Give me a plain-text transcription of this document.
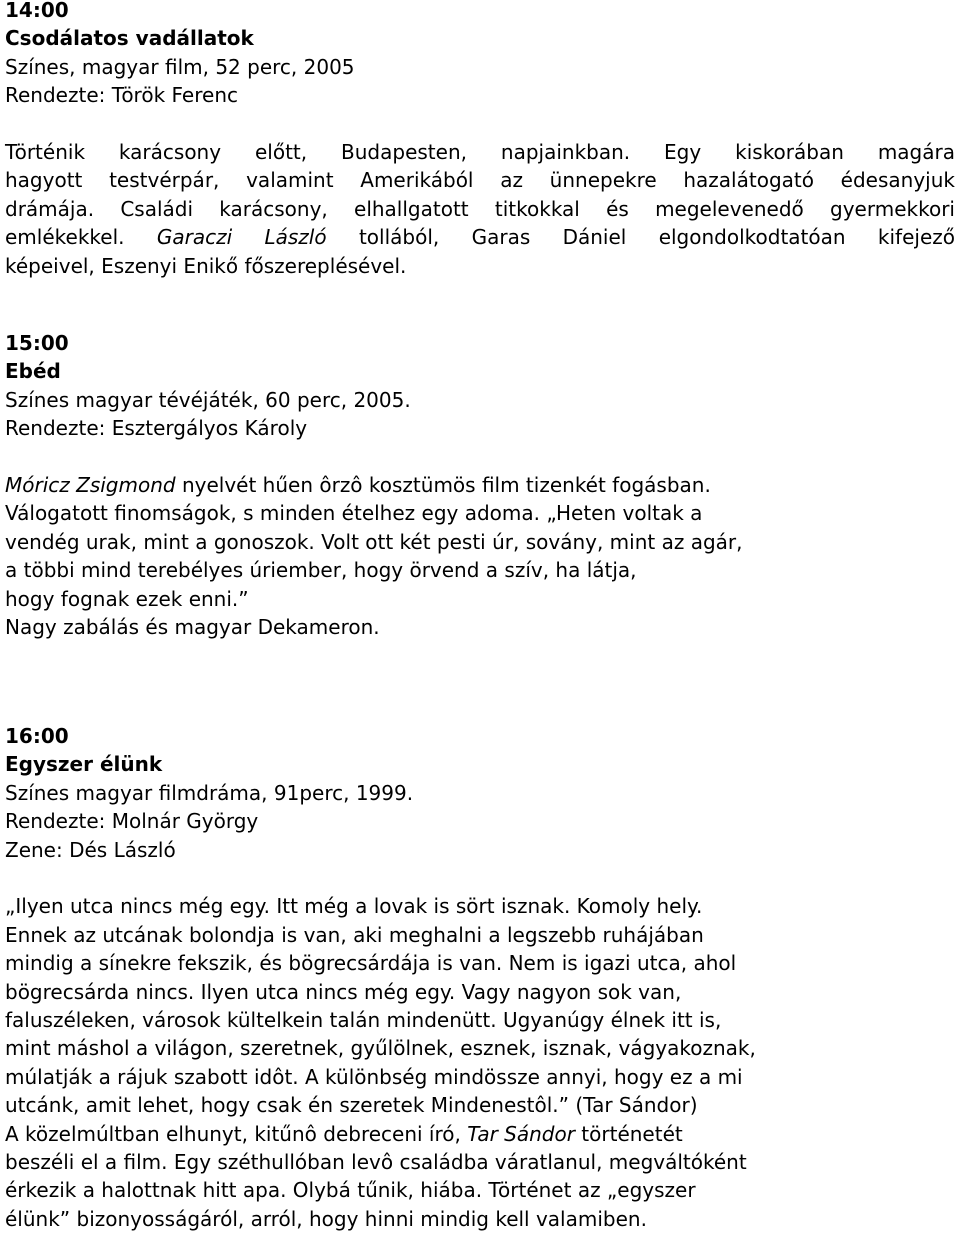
14:00

Csodálatos vadállatok

Színes, magyar film, 52 perc, 2005

Rendezte: Török Ferenc

Történik karácsony előtt, Budapesten, napjainkban. Egy kiskorában magára
hagyott testvérpár, valamint Amerikából az ünnepekre hazalátogató édesanyjuk
drámája. Családi karácsony, elhallgatott titkokkal és megelevenedő gyermekkori
emlékekkel. Garaczi László tollából, Garas Dániel elgondolkodtatóan kifejező
képeivel, Eszenyi Enikő főszereplésével.

15:00

Ebéd

Színes magyar tévéjáték, 60 perc, 2005.

Rendezte: Esztergályos Károly

Móricz Zsigmond nyelvét hűen ôrzô kosztümös film tizenkét fogásban.

Válogatott finomságok, s minden ételhez egy adoma. „Heten voltak a

vendég urak, mint a gonoszok. Volt ott két pesti úr, sovány, mint az agár,

a többi mind terebélyes úriember, hogy örvend a szív, ha látja,

hogy fognak ezek enni.”

Nagy zabálás és magyar Dekameron.

16:00

Egyszer élünk

Színes magyar filmdráma, 91perc, 1999.

Rendezte: Molnár György

Zene: Dés László

„Ilyen utca nincs még egy. Itt még a lovak is sört isznak. Komoly hely.

Ennek az utcának bolondja is van, aki meghalni a legszebb ruhájában

mindig a sínekre fekszik, és bögrecsárdája is van. Nem is igazi utca, ahol

bögrecsárda nincs. Ilyen utca nincs még egy. Vagy nagyon sok van,

faluszéleken, városok kültelkein talán mindenütt. Ugyanúgy élnek itt is,

mint máshol a világon, szeretnek, gyűlölnek, esznek, isznak, vágyakoznak,

múlatják a rájuk szabott idôt. A különbség mindössze annyi, hogy ez a mi

utcánk, amit lehet, hogy csak én szeretek Mindenestôl.” (Tar Sándor)

A közelmúltban elhunyt, kitűnô debreceni író, Tar Sándor történetét

beszéli el a film. Egy széthullóban levô családba váratlanul, megváltóként

érkezik a halottnak hitt apa. Olybá tűnik, hiába. Történet az „egyszer

élünk” bizonyosságáról, arról, hogy hinni mindig kell valamiben.
